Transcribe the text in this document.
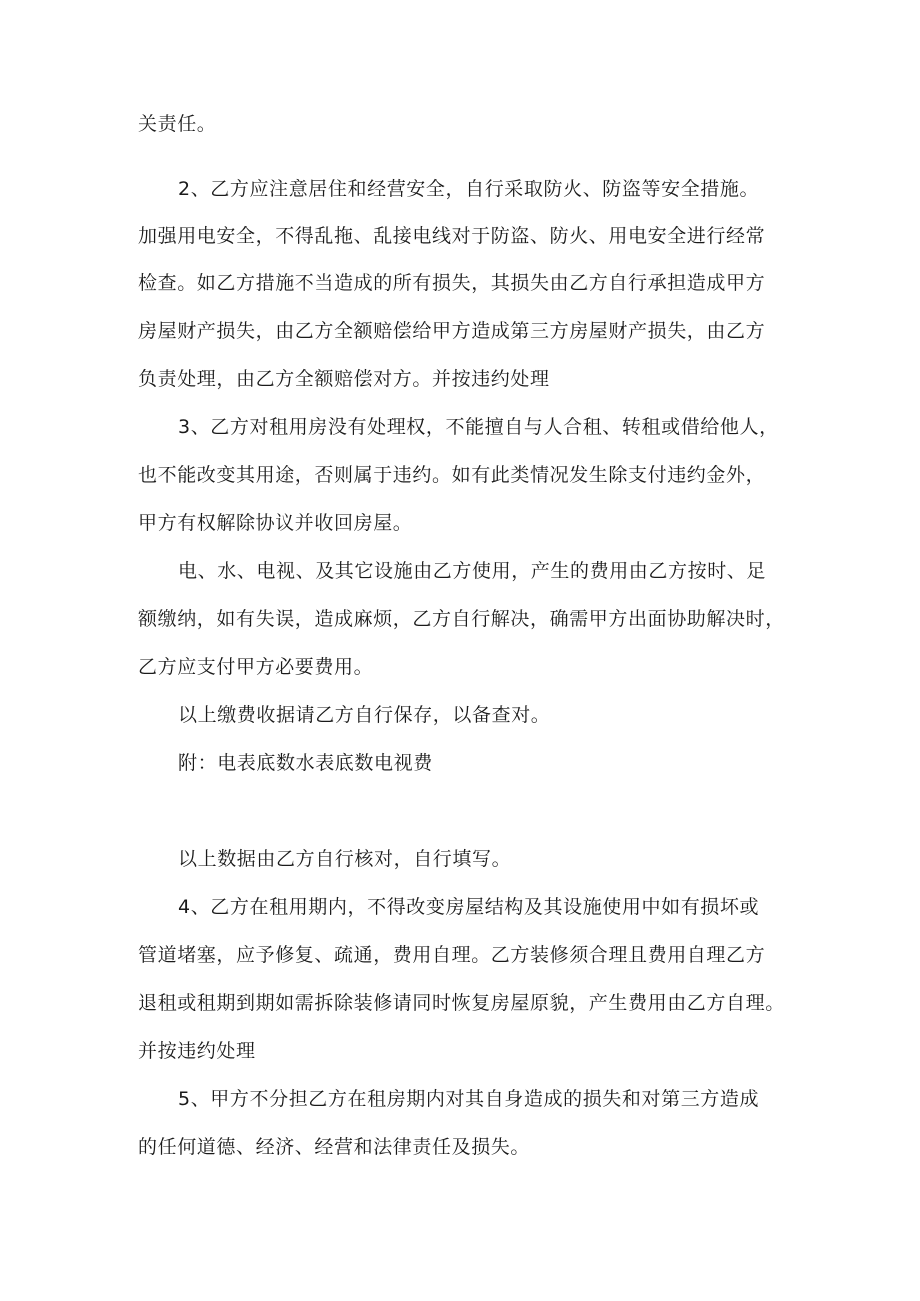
关责任。

2、乙方应注意居住和经营安全，自行采取防火、防盗等安全措施。

加强用电安全，不得乱拖、乱接电线对于防盗、防火、用电安全进行经常

检查。如乙方措施不当造成的所有损失，其损失由乙方自行承担造成甲方

房屋财产损失，由乙方全额赔偿给甲方造成第三方房屋财产损失，由乙方

负责处理，由乙方全额赔偿对方。并按违约处理

3、乙方对租用房没有处理权，不能擅自与人合租、转租或借给他人，

也不能改变其用途，否则属于违约。如有此类情况发生除支付违约金外，

甲方有权解除协议并收回房屋。

电、水、电视、及其它设施由乙方使用，产生的费用由乙方按时、足

额缴纳，如有失误，造成麻烦，乙方自行解决，确需甲方出面协助解决时，

乙方应支付甲方必要费用。

以上缴费收据请乙方自行保存，以备查对。

附：电表底数水表底数电视费

以上数据由乙方自行核对，自行填写。

4、乙方在租用期内，不得改变房屋结构及其设施使用中如有损坏或

管道堵塞，应予修复、疏通，费用自理。乙方装修须合理且费用自理乙方

退租或租期到期如需拆除装修请同时恢复房屋原貌，产生费用由乙方自理。

并按违约处理

5、甲方不分担乙方在租房期内对其自身造成的损失和对第三方造成

的任何道德、经济、经营和法律责任及损失。
